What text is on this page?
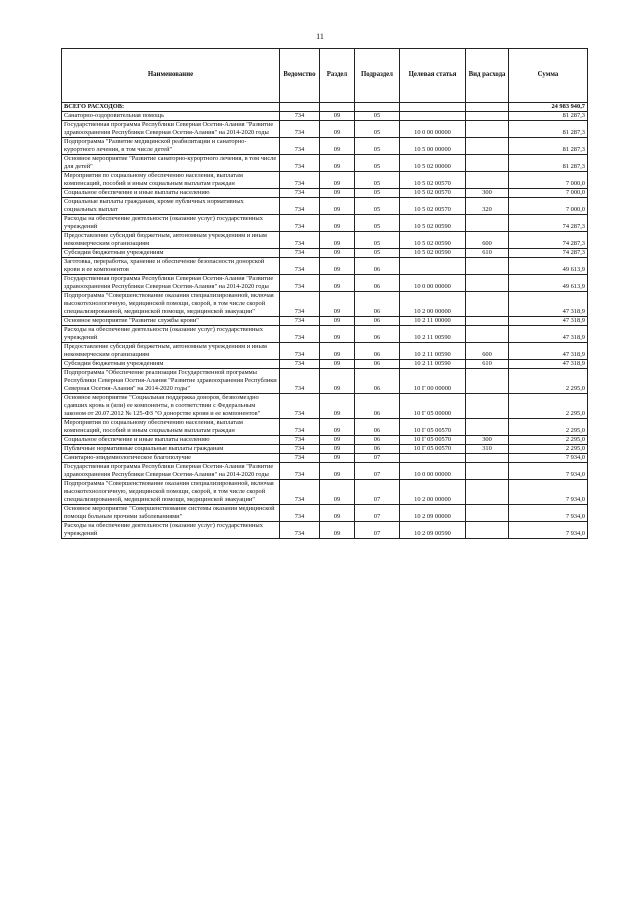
11
Наименование	Ведомство	Раздел	Подраздел	Целевая статья	Вид расхода	Сумма
ВСЕГО РАСХОДОВ:						24 983 940,7
Санаторно-оздоровительная помощь	734	09	05			81 287,3
Государственная программа Республики Северная Осетия-Алания "Развитие здравоохранения Республики Северная Осетия-Алания" на 2014-2020 годы	734	09	05	10 0 00 00000		81 287,3
Подпрограмма "Развитие медицинской реабилитации и санаторно-курортного лечения, в том числе детей"	734	09	05	10 5 00 00000		81 287,3
Основное мероприятие "Развитие санаторно-курортного лечения, в том числе для детей"	734	09	05	10 5 02 00000		81 287,3
Мероприятия по социальному обеспечению населения, выплатам компенсаций, пособий и иным социальным выплатам граждан	734	09	05	10 5 02 00570		7 000,0
Социальное обеспечение и иные выплаты населению	734	09	05	10 5 02 00570	300	7 000,0
Социальные выплаты гражданам, кроме публичных нормативных социальных выплат	734	09	05	10 5 02 00570	320	7 000,0
Расходы на обеспечение деятельности (оказание услуг) государственных учреждений	734	09	05	10 5 02 00590		74 287,3
Предоставление субсидий бюджетным, автономным учреждениям и иным некоммерческим организациям	734	09	05	10 5 02 00590	600	74 287,3
Субсидии бюджетным учреждениям	734	09	05	10 5 02 00590	610	74 287,3
Заготовка, переработка, хранение и обеспечение безопасности донорской крови и ее компонентов	734	09	06			49 613,9
Государственная программа Республики Северная Осетия-Алания "Развитие здравоохранения Республики Северная Осетия-Алания" на 2014-2020 годы	734	09	06	10 0 00 00000		49 613,9
Подпрограмма "Совершенствование оказания специализированной, включая высокотехнологичную, медицинской помощи, скорой, в том числе скорой специализированной, медицинской помощи, медицинской эвакуации"	734	09	06	10 2 00 00000		47 318,9
Основное мероприятие "Развитие службы крови"	734	09	06	10 2 11 00000		47 318,9
Расходы на обеспечение деятельности (оказание услуг) государственных учреждений	734	09	06	10 2 11 00590		47 318,9
Предоставление субсидий бюджетным, автономным учреждениям и иным некоммерческим организациям	734	09	06	10 2 11 00590	600	47 318,9
Субсидии бюджетным учреждениям	734	09	06	10 2 11 00590	610	47 318,9
Подпрограмма "Обеспечение реализации Государственной программы Республики Северная Осетия-Алания "Развитие здравоохранения Республики Северная Осетия-Алания" на 2014-2020 годы"	734	09	06	10 Г 00 00000		2 295,0
Основное мероприятие "Социальная поддержка доноров, безвозмездно сдавших кровь и (или) ее компоненты, в соответствии с Федеральным законом от 20.07.2012 № 125-ФЗ "О донорстве крови и ее компонентов"	734	09	06	10 Г 05 00000		2 295,0
Мероприятия по социальному обеспечению населения, выплатам компенсаций, пособий и иным социальным выплатам граждан	734	09	06	10 Г 05 00570		2 295,0
Социальное обеспечение и иные выплаты населению	734	09	06	10 Г 05 00570	300	2 295,0
Публичные нормативные социальные выплаты гражданам	734	09	06	10 Г 05 00570	310	2 295,0
Санитарно-эпидемиологическое благополучие	734	09	07			7 934,0
Государственная программа Республики Северная Осетия-Алания "Развитие здравоохранения Республики Северная Осетия-Алания" на 2014-2020 годы	734	09	07	10 0 00 00000		7 934,0
Подпрограмма "Совершенствование оказания специализированной, включая высокотехнологичную, медицинской помощи, скорой, в том числе скорой специализированной, медицинской помощи, медицинской эвакуации"	734	09	07	10 2 00 00000		7 934,0
Основное мероприятие "Совершенствование системы оказания медицинской помощи больным прочими заболеваниями"	734	09	07	10 2 09 00000		7 934,0
Расходы на обеспечение деятельности (оказание услуг) государственных учреждений	734	09	07	10 2 09 00590		7 934,0
